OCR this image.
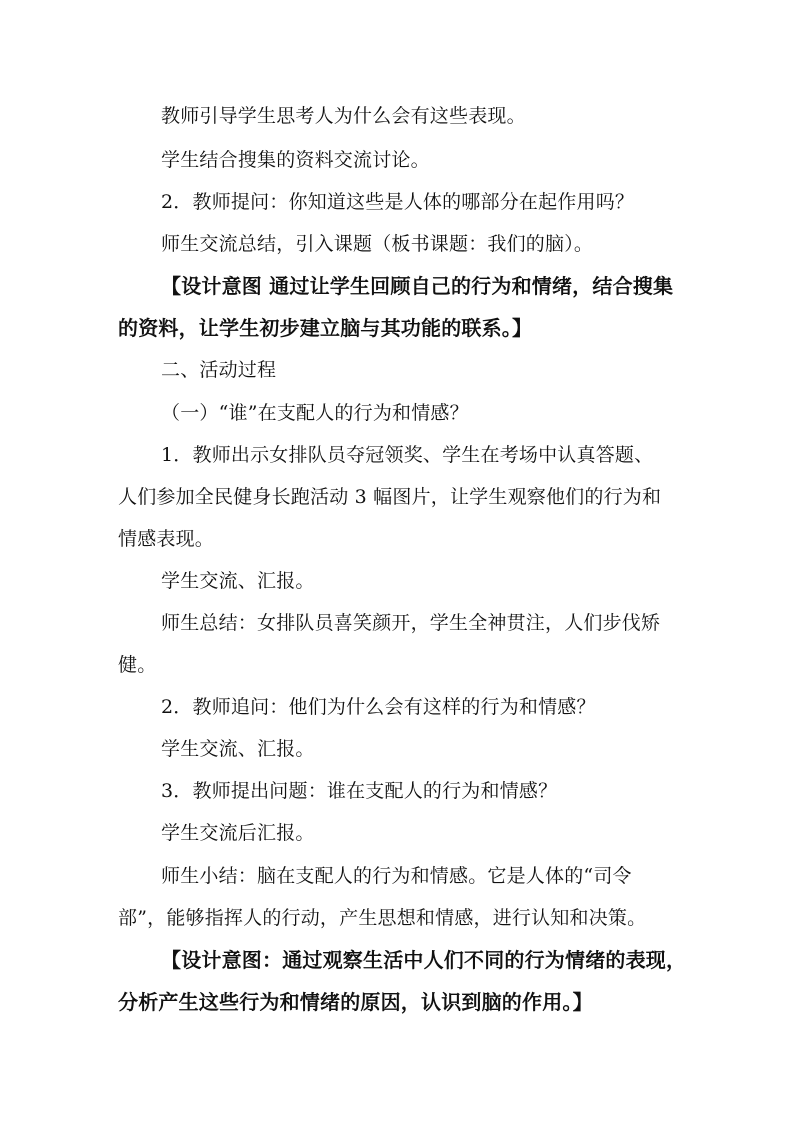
教师引导学生思考人为什么会有这些表现。
学生结合搜集的资料交流讨论。
2．教师提问：你知道这些是人体的哪部分在起作用吗？
师生交流总结，引入课题（板书课题：我们的脑）。
【设计意图 通过让学生回顾自己的行为和情绪，结合搜集
的资料，让学生初步建立脑与其功能的联系。】
二、活动过程
（一）“谁”在支配人的行为和情感？
1．教师出示女排队员夺冠领奖、学生在考场中认真答题、
人们参加全民健身长跑活动 3 幅图片，让学生观察他们的行为和
情感表现。
学生交流、汇报。
师生总结：女排队员喜笑颜开，学生全神贯注，人们步伐矫
健。
2．教师追问：他们为什么会有这样的行为和情感？
学生交流、汇报。
3．教师提出问题：谁在支配人的行为和情感？
学生交流后汇报。
师生小结：脑在支配人的行为和情感。它是人体的“司令
部”，能够指挥人的行动，产生思想和情感，进行认知和决策。
【设计意图：通过观察生活中人们不同的行为情绪的表现，
分析产生这些行为和情绪的原因，认识到脑的作用。】
